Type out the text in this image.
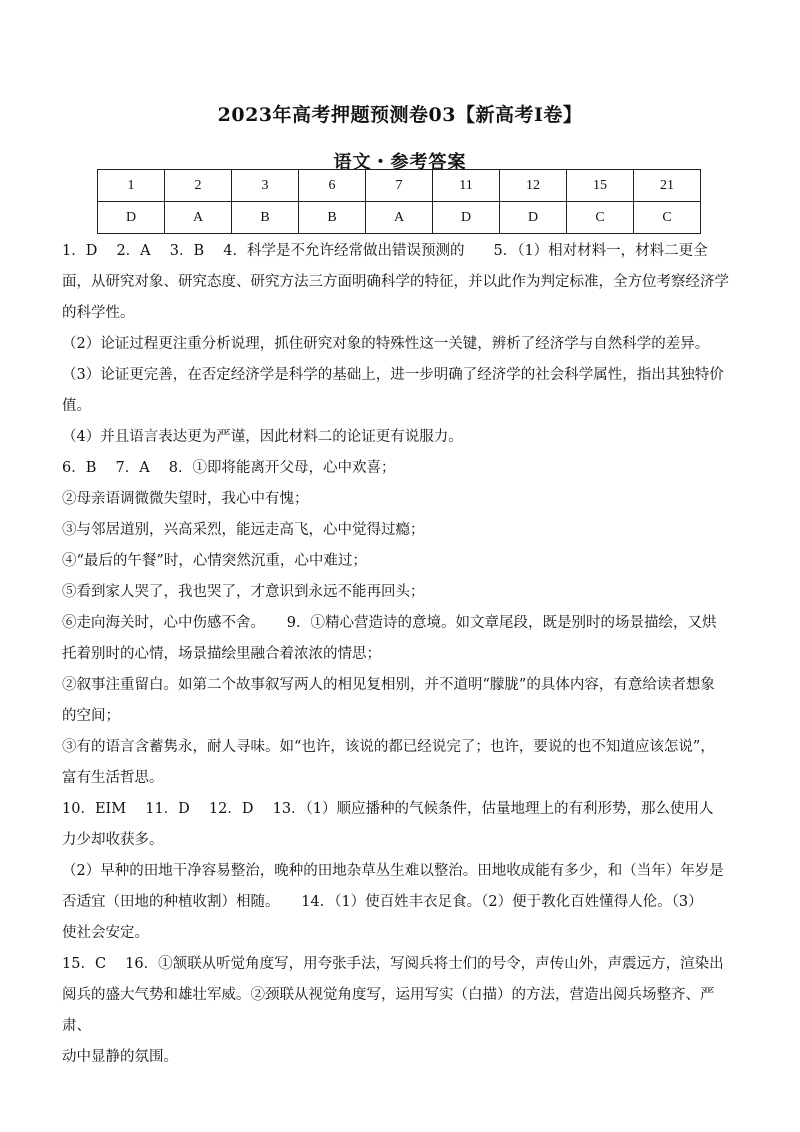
2023年高考押题预测卷03【新高考I卷】
语文・参考答案
1	2	3	6	7	11	12	15	21
D	A	B	B	A	D	D	C	C

1．D　 2．A　 3．B　 4．科学是不允许经常做出错误预测的　　5．（1）相对材料一，材料二更全

面，从研究对象、研究态度、研究方法三方面明确科学的特征，并以此作为判定标准，全方位考察经济学

的科学性。

（2）论证过程更注重分析说理，抓住研究对象的特殊性这一关键，辨析了经济学与自然科学的差异。

（3）论证更完善，在否定经济学是科学的基础上，进一步明确了经济学的社会科学属性，指出其独特价

值。

（4）并且语言表达更为严谨，因此材料二的论证更有说服力。

6．B　 7．A　 8．①即将能离开父母，心中欢喜；

②母亲语调微微失望时，我心中有愧；

③与邻居道别，兴高采烈，能远走高飞，心中觉得过瘾；

④“最后的午餐”时，心情突然沉重，心中难过；

⑤看到家人哭了，我也哭了，才意识到永远不能再回头；

⑥走向海关时，心中伤感不舍。　　9．①精心营造诗的意境。如文章尾段，既是别时的场景描绘，又烘

托着别时的心情，场景描绘里融合着浓浓的情思；

②叙事注重留白。如第二个故事叙写两人的相见复相别，并不道明“朦胧”的具体内容，有意给读者想象

的空间；

③有的语言含蓄隽永，耐人寻味。如“也许，该说的都已经说完了；也许，要说的也不知道应该怎说”，

富有生活哲思。

10．EIM　 11．D　 12．D　 13．（1）顺应播种的气候条件，估量地理上的有利形势，那么使用人

力少却收获多。

（2）早种的田地干净容易整治，晚种的田地杂草丛生难以整治。田地收成能有多少，和（当年）年岁是

否适宜（田地的种植收割）相随。　　14．（1）使百姓丰衣足食。（2）便于教化百姓懂得人伦。（3）

使社会安定。

15．C　 16．①颔联从听觉角度写，用夸张手法，写阅兵将士们的号令，声传山外，声震远方，渲染出

阅兵的盛大气势和雄壮军威。②颈联从视觉角度写，运用写实（白描）的方法，营造出阅兵场整齐、严肃、

动中显静的氛围。
